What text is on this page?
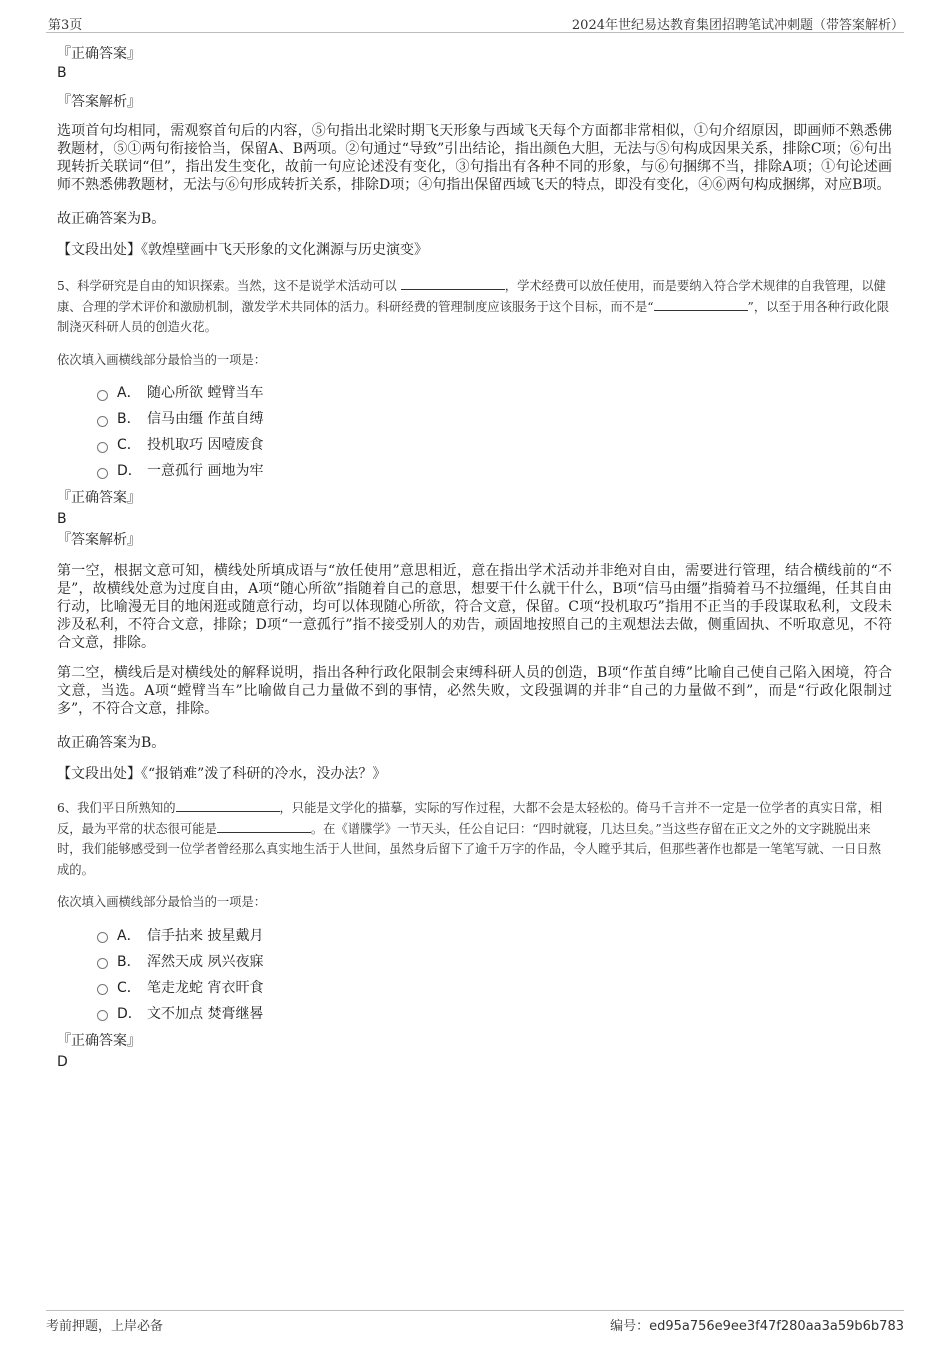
第3页	2024年世纪易达教育集团招聘笔试冲刺题（带答案解析）

『正确答案』

B

『答案解析』

选项首句均相同，需观察首句后的内容，⑤句指出北梁时期飞天形象与西域飞天每个方面都非常相似，①句介绍原因，即画师不熟悉佛教题材，⑤①两句衔接恰当，保留A、B两项。②句通过“导致”引出结论，指出颜色大胆，无法与⑤句构成因果关系，排除C项；⑥句出现转折关联词“但”，指出发生变化，故前一句应论述没有变化，③句指出有各种不同的形象，与⑥句捆绑不当，排除A项；①句论述画师不熟悉佛教题材，无法与⑥句形成转折关系，排除D项；④句指出保留西域飞天的特点，即没有变化，④⑥两句构成捆绑，对应B项。

故正确答案为B。

【文段出处】《敦煌壁画中飞天形象的文化渊源与历史演变》

5、科学研究是自由的知识探索。当然，这不是说学术活动可以	，学术经费可以放任使用，而是要纳入符合学术规律的自我管理，以健康、合理的学术评价和激励机制，激发学术共同体的活力。科研经费的管理制度应该服务于这个目标，而不是“	”，以至于用各种行政化限制浇灭科研人员的创造火花。

依次填入画横线部分最恰当的一项是：

A． 随心所欲 螳臂当车
B． 信马由缰 作茧自缚
C． 投机取巧 因噎废食
D． 一意孤行 画地为牢

『正确答案』

B

『答案解析』

第一空，根据文意可知，横线处所填成语与“放任使用”意思相近，意在指出学术活动并非绝对自由，需要进行管理，结合横线前的“不是”，故横线处意为过度自由，A项“随心所欲”指随着自己的意思，想要干什么就干什么，B项“信马由缰”指骑着马不拉缰绳，任其自由行动，比喻漫无目的地闲逛或随意行动，均可以体现随心所欲，符合文意，保留。C项“投机取巧”指用不正当的手段谋取私利，文段未涉及私利，不符合文意，排除；D项“一意孤行”指不接受别人的劝告，顽固地按照自己的主观想法去做，侧重固执、不听取意见，不符合文意，排除。

第二空，横线后是对横线处的解释说明，指出各种行政化限制会束缚科研人员的创造，B项“作茧自缚”比喻自己使自己陷入困境，符合文意，当选。A项“螳臂当车”比喻做自己力量做不到的事情，必然失败，文段强调的并非“自己的力量做不到”，而是“行政化限制过多”，不符合文意，排除。

故正确答案为B。

【文段出处】《“报销难”泼了科研的冷水，没办法？》

6、我们平日所熟知的	，只能是文学化的描摹，实际的写作过程，大都不会是太轻松的。倚马千言并不一定是一位学者的真实日常，相反，最为平常的状态很可能是	。在《谱牒学》一节天头，任公自记曰：“四时就寝，几达旦矣。”当这些存留在正文之外的文字跳脱出来时，我们能够感受到一位学者曾经那么真实地生活于人世间，虽然身后留下了逾千万字的作品，令人瞠乎其后，但那些著作也都是一笔笔写就、一日日熬成的。

依次填入画横线部分最恰当的一项是：

A． 信手拈来 披星戴月
B． 浑然天成 夙兴夜寐
C． 笔走龙蛇 宵衣旰食
D． 文不加点 焚膏继晷

『正确答案』

D

考前押题，上岸必备	编号：ed95a756e9ee3f47f280aa3a59b6b783
